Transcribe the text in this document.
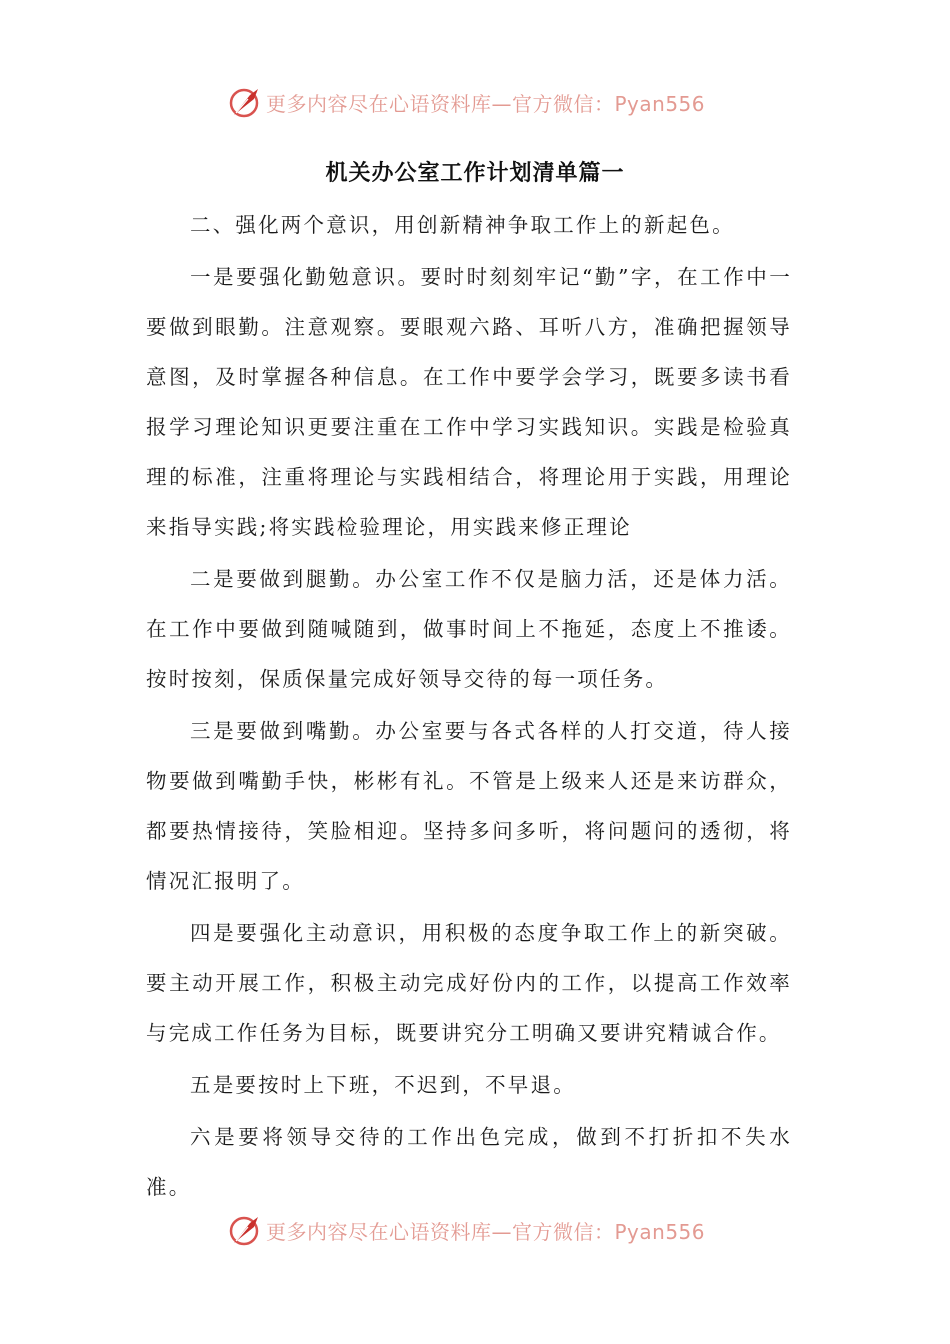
更多内容尽在心语资料库—官方微信：Pyan556
机关办公室工作计划清单篇一

二、强化两个意识，用创新精神争取工作上的新起色。

一是要强化勤勉意识。要时时刻刻牢记“勤”字，在工作中一要做到眼勤。注意观察。要眼观六路、耳听八方，准确把握领导意图，及时掌握各种信息。在工作中要学会学习，既要多读书看报学习理论知识更要注重在工作中学习实践知识。实践是检验真理的标准，注重将理论与实践相结合，将理论用于实践，用理论来指导实践;将实践检验理论，用实践来修正理论

二是要做到腿勤。办公室工作不仅是脑力活，还是体力活。在工作中要做到随喊随到，做事时间上不拖延，态度上不推诿。按时按刻，保质保量完成好领导交待的每一项任务。

三是要做到嘴勤。办公室要与各式各样的人打交道，待人接物要做到嘴勤手快，彬彬有礼。不管是上级来人还是来访群众，都要热情接待，笑脸相迎。坚持多问多听，将问题问的透彻，将情况汇报明了。

四是要强化主动意识，用积极的态度争取工作上的新突破。要主动开展工作，积极主动完成好份内的工作，以提高工作效率与完成工作任务为目标，既要讲究分工明确又要讲究精诚合作。

五是要按时上下班，不迟到，不早退。

六是要将领导交待的工作出色完成，做到不打折扣不失水准。

更多内容尽在心语资料库—官方微信：Pyan556
